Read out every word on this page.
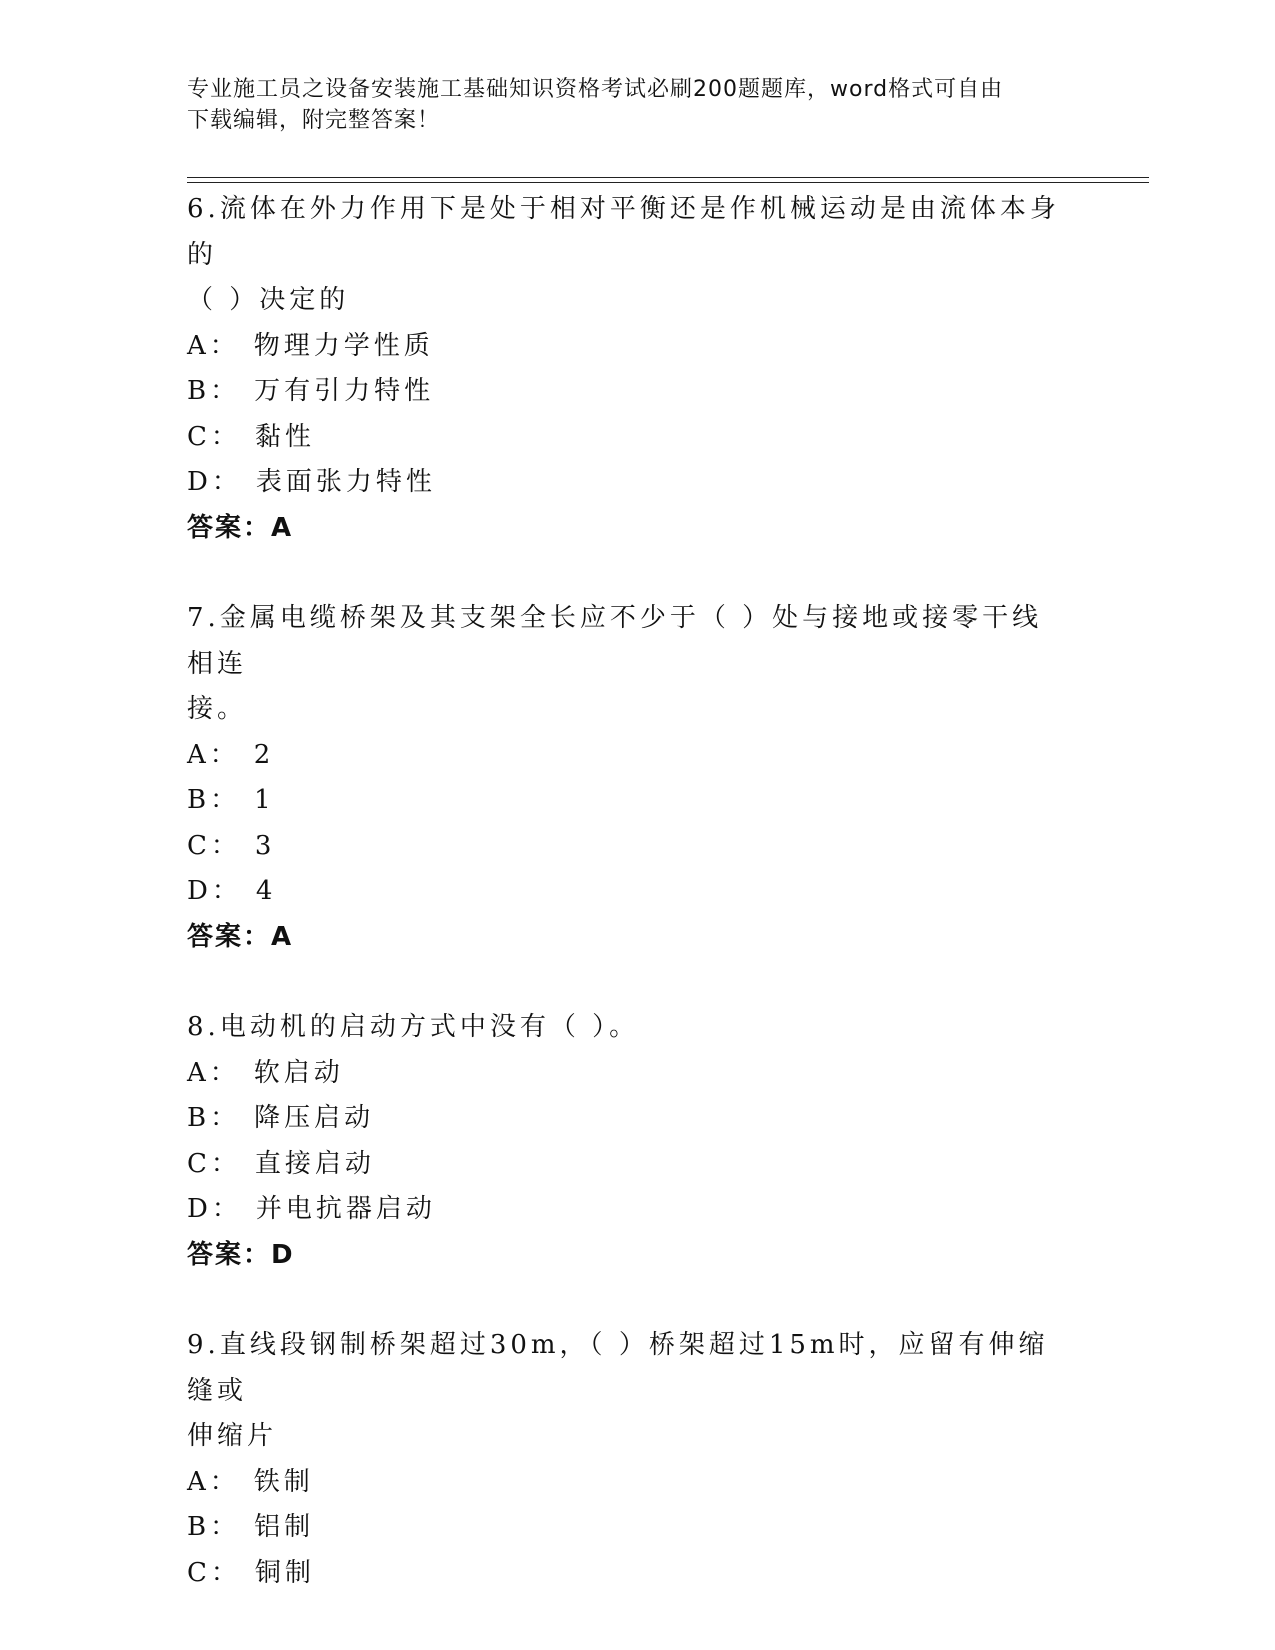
专业施工员之设备安装施工基础知识资格考试必刷200题题库，word格式可自由
下载编辑，附完整答案！
6.流体在外力作用下是处于相对平衡还是作机械运动是由流体本身的
（ ）决定的
A： 物理力学性质
B： 万有引力特性
C： 黏性
D： 表面张力特性
答案：A
7.金属电缆桥架及其支架全长应不少于（ ）处与接地或接零干线相连
接。
A： 2
B： 1
C： 3
D： 4
答案：A
8.电动机的启动方式中没有（ ）。
A： 软启动
B： 降压启动
C： 直接启动
D： 并电抗器启动
答案：D
9.直线段钢制桥架超过30m，（ ）桥架超过15m时，应留有伸缩缝或
伸缩片
A： 铁制
B： 铝制
C： 铜制
